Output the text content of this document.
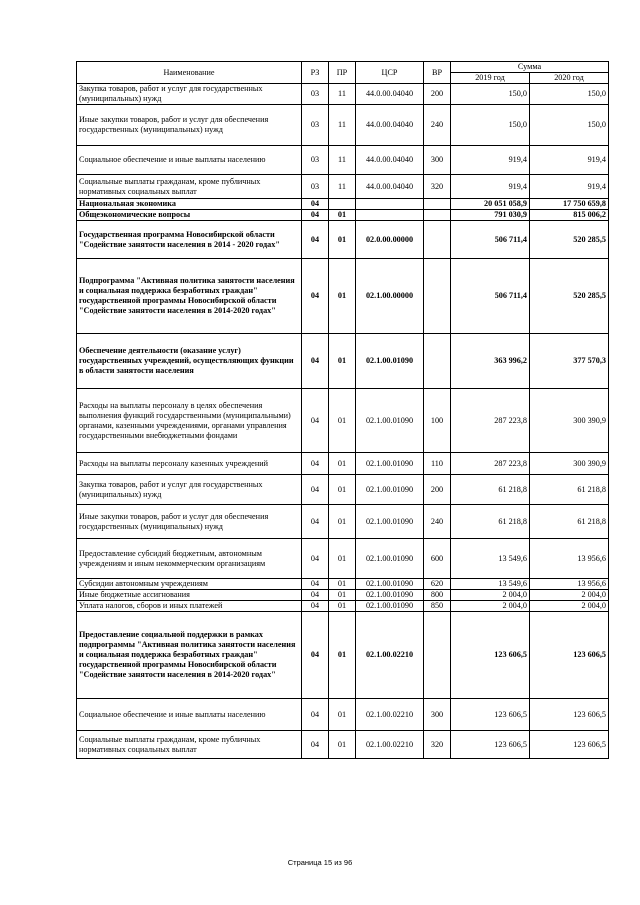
Наименование	РЗ	ПР	ЦСР	ВР	Сумма	
					2019 год	2020 год
Закупка товаров, работ и услуг для государственных (муниципальных) нужд	03	11	44.0.00.04040	200	150,0	150,0
Иные закупки товаров, работ и услуг для обеспечения государственных (муниципальных) нужд	03	11	44.0.00.04040	240	150,0	150,0
Социальное обеспечение и иные выплаты населению	03	11	44.0.00.04040	300	919,4	919,4
Социальные выплаты гражданам, кроме публичных нормативных социальных выплат	03	11	44.0.00.04040	320	919,4	919,4
Национальная экономика	04				20 051 058,9	17 750 659,8
Общеэкономические вопросы	04	01			791 030,9	815 006,2
Государственная программа Новосибирской области "Содействие занятости населения в 2014 - 2020 годах"	04	01	02.0.00.00000		506 711,4	520 285,5
Подпрограмма "Активная политика занятости населения и социальная поддержка безработных граждан" государственной программы Новосибирской области "Содействие занятости населения в 2014-2020 годах"	04	01	02.1.00.00000		506 711,4	520 285,5
Обеспечение деятельности (оказание услуг) государственных учреждений, осуществляющих функции в области занятости населения	04	01	02.1.00.01090		363 996,2	377 570,3
Расходы на выплаты персоналу в целях обеспечения выполнения функций государственными (муниципальными) органами, казенными учреждениями, органами управления государственными внебюджетными фондами	04	01	02.1.00.01090	100	287 223,8	300 390,9
Расходы на выплаты персоналу казенных учреждений	04	01	02.1.00.01090	110	287 223,8	300 390,9
Закупка товаров, работ и услуг для государственных (муниципальных) нужд	04	01	02.1.00.01090	200	61 218,8	61 218,8
Иные закупки товаров, работ и услуг для обеспечения государственных (муниципальных) нужд	04	01	02.1.00.01090	240	61 218,8	61 218,8
Предоставление субсидий бюджетным, автономным учреждениям и иным некоммерческим организациям	04	01	02.1.00.01090	600	13 549,6	13 956,6
Субсидии автономным учреждениям	04	01	02.1.00.01090	620	13 549,6	13 956,6
Иные бюджетные ассигнования	04	01	02.1.00.01090	800	2 004,0	2 004,0
Уплата налогов, сборов и иных платежей	04	01	02.1.00.01090	850	2 004,0	2 004,0
Предоставление социальной поддержки в рамках подпрограммы "Активная политика занятости населения и социальная поддержка безработных граждан" государственной программы Новосибирской области "Содействие занятости населения в 2014-2020 годах"	04	01	02.1.00.02210		123 606,5	123 606,5
Социальное обеспечение и иные выплаты населению	04	01	02.1.00.02210	300	123 606,5	123 606,5
Социальные выплаты гражданам, кроме публичных нормативных социальных выплат	04	01	02.1.00.02210	320	123 606,5	123 606,5
Страница 15 из 96
